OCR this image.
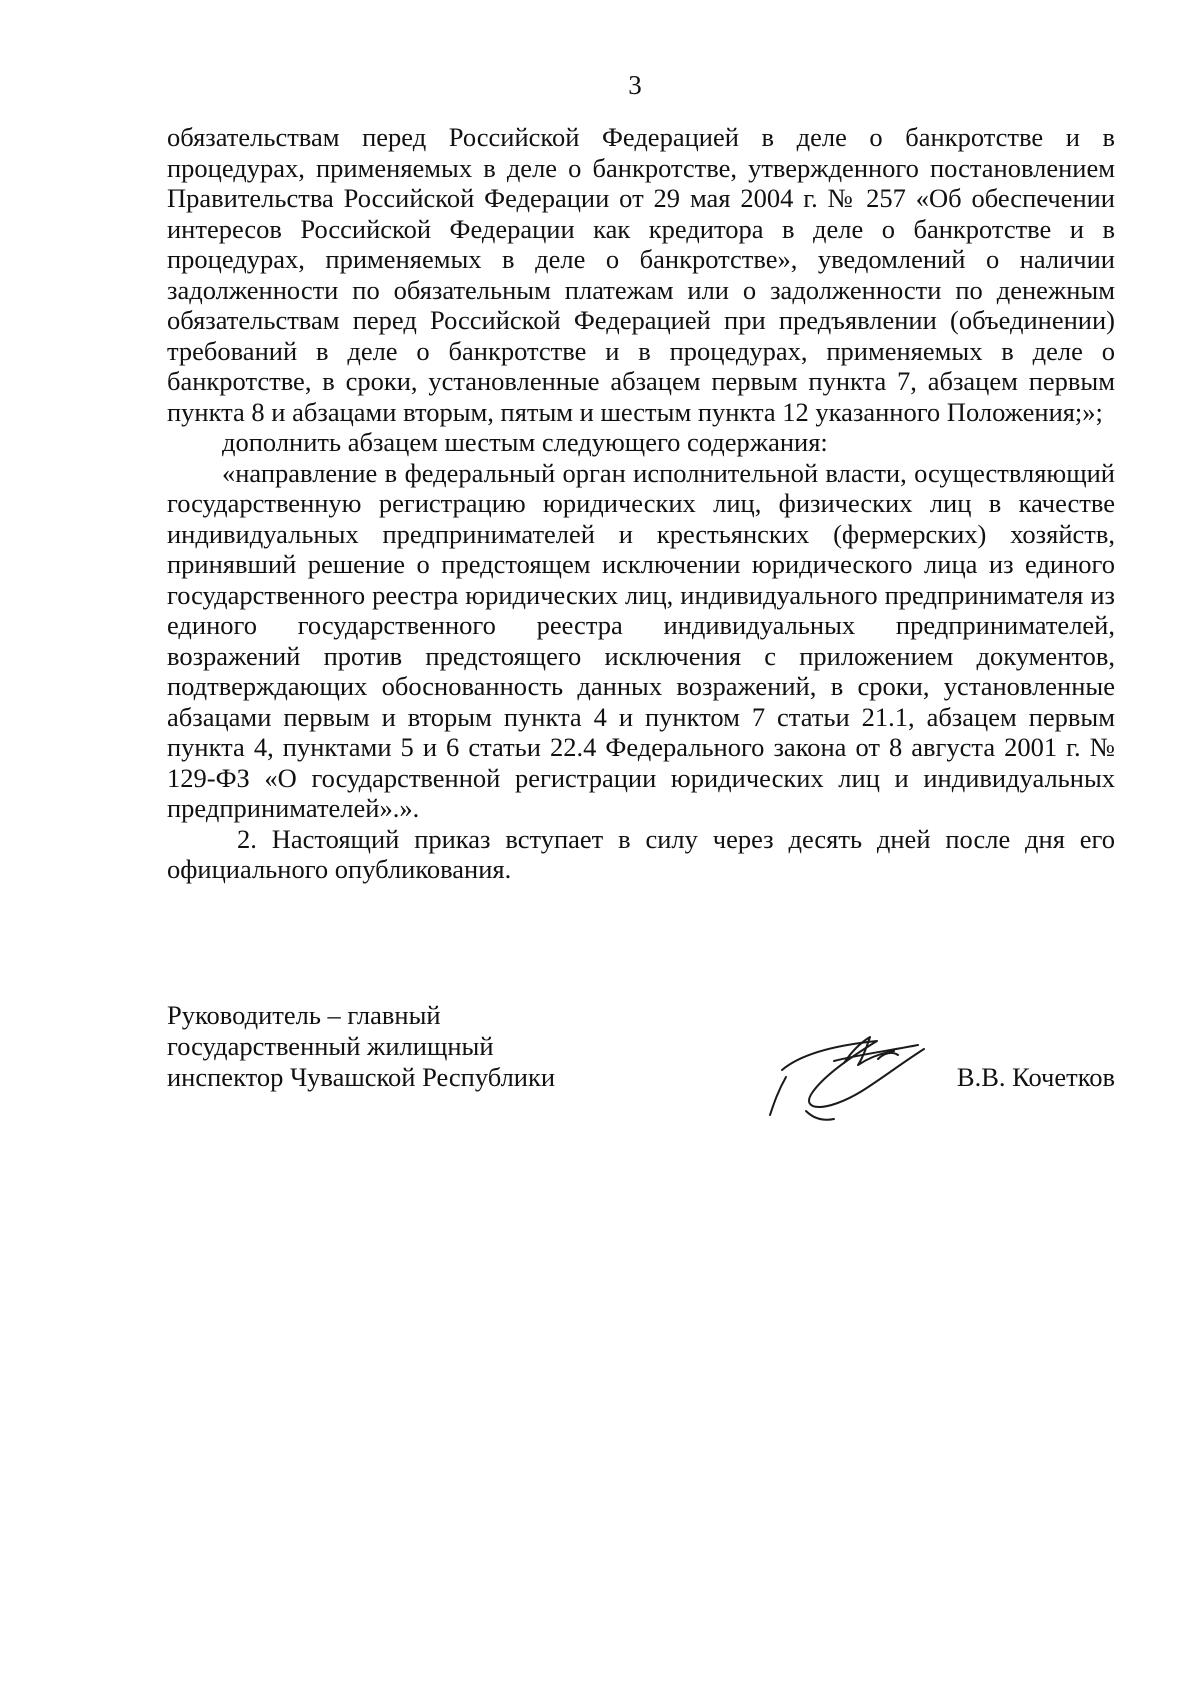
3

обязательствам перед Российской Федерацией в деле о банкротстве и в процедурах, применяемых в деле о банкротстве, утвержденного постановлением Правительства Российской Федерации от 29 мая 2004 г. № 257 «Об обеспечении интересов Российской Федерации как кредитора в деле о банкротстве и в процедурах, применяемых в деле о банкротстве», уведомлений о наличии задолженности по обязательным платежам или о задолженности по денежным обязательствам перед Российской Федерацией при предъявлении (объединении) требований в деле о банкротстве и в процедурах, применяемых в деле о банкротстве, в сроки, установленные абзацем первым пункта 7, абзацем первым пункта 8 и абзацами вторым, пятым и шестым пункта 12 указанного Положения;»;

дополнить абзацем шестым следующего содержания:

«направление в федеральный орган исполнительной власти, осуществляющий государственную регистрацию юридических лиц, физических лиц в качестве индивидуальных предпринимателей и крестьянских (фермерских) хозяйств, принявший решение о предстоящем исключении юридического лица из единого государственного реестра юридических лиц, индивидуального предпринимателя из единого государственного реестра индивидуальных предпринимателей, возражений против предстоящего исключения с приложением документов, подтверждающих обоснованность данных возражений, в сроки, установленные абзацами первым и вторым пункта 4 и пунктом 7 статьи 21.1, абзацем первым пункта 4, пунктами 5 и 6 статьи 22.4 Федерального закона от 8 августа 2001 г. № 129-ФЗ «О государственной регистрации юридических лиц и индивидуальных предпринимателей».».

2. Настоящий приказ вступает в силу через десять дней после дня его официального опубликования.

Руководитель – главный
государственный жилищный
инспектор Чувашской Республики	В.В. Кочетков
